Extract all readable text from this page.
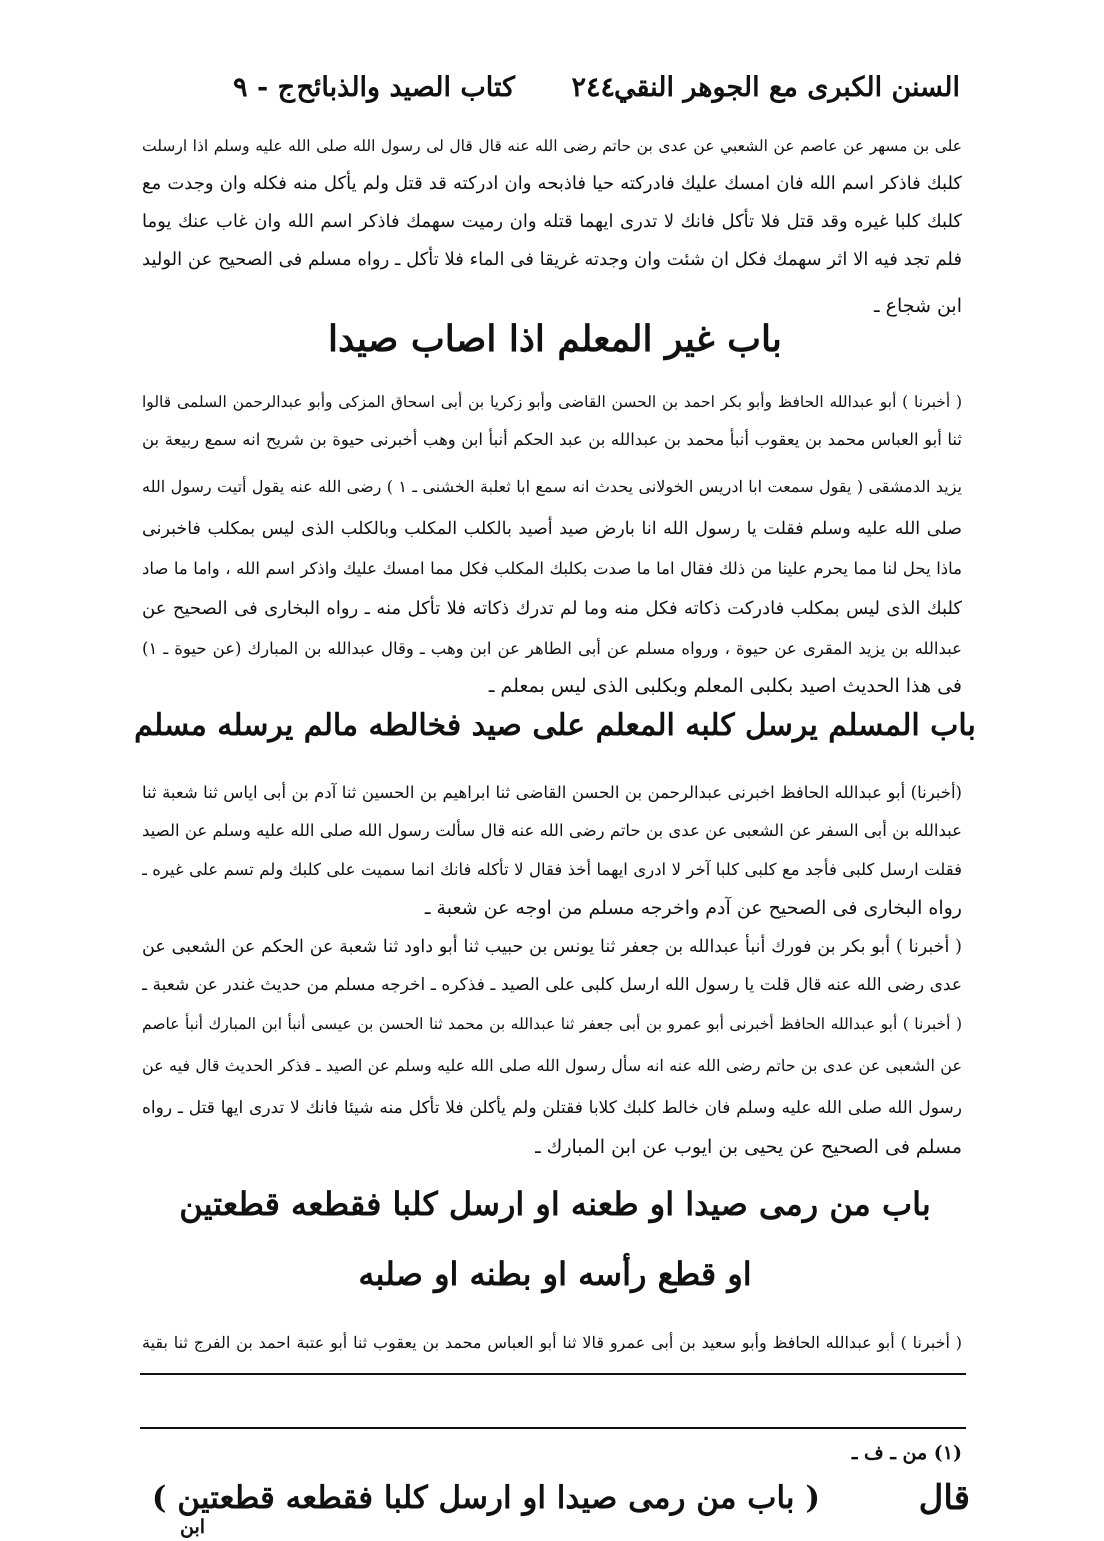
السنن الكبرى مع الجوهر النقي
٢٤٤
كتاب الصيد والذبائح
ج - ٩
على بن مسهر عن عاصم عن الشعبي عن عدى بن حاتم رضى الله عنه قال قال لى رسول الله صلى الله عليه وسلم اذا ارسلت
كلبك فاذكر اسم الله فان امسك عليك فادركته حيا فاذبحه وان ادركته قد قتل ولم يأكل منه فكله وان وجدت مع
كلبك كلبا غيره وقد قتل فلا تأكل فانك لا تدرى ايهما قتله وان رميت سهمك فاذكر اسم الله وان غاب عنك يوما
فلم تجد فيه الا اثر سهمك فكل ان شئت وان وجدته غريقا فى الماء فلا تأكل ـ رواه مسلم فى الصحيح عن الوليد
ابن شجاع ـ
باب غير المعلم اذا اصاب صيدا
( أخبرنا ) أبو عبدالله الحافظ وأبو بكر احمد بن الحسن القاضى وأبو زكريا بن أبى اسحاق المزكى وأبو عبدالرحمن السلمى قالوا
ثنا أبو العباس محمد بن يعقوب أنبأ محمد بن عبدالله بن عبد الحكم أنبأ ابن وهب أخبرنى حيوة بن شريح انه سمع ربيعة بن
يزيد الدمشقى ( يقول سمعت ابا ادريس الخولانى يحدث انه سمع ابا ثعلبة الخشنى ـ ١ ) رضى الله عنه يقول أتيت رسول الله
صلى الله عليه وسلم فقلت يا رسول الله انا بارض صيد أصيد بالكلب المكلب وبالكلب الذى ليس بمكلب فاخبرنى
ماذا يحل لنا مما يحرم علينا من ذلك فقال اما ما صدت بكلبك المكلب فكل مما امسك عليك واذكر اسم الله ، واما ما صاد
كلبك الذى ليس بمكلب فادركت ذكاته فكل منه وما لم تدرك ذكاته فلا تأكل منه ـ رواه البخارى فى الصحيح عن
عبدالله بن يزيد المقرى عن حيوة ، ورواه مسلم عن أبى الطاهر عن ابن وهب ـ وقال عبدالله بن المبارك (عن حيوة ـ ١)
فى هذا الحديث اصيد بكلبى المعلم وبكلبى الذى ليس بمعلم ـ
باب المسلم يرسل كلبه المعلم على صيد فخالطه مالم يرسله مسلم
(أخبرنا) أبو عبدالله الحافظ اخبرنى عبدالرحمن بن الحسن القاضى ثنا ابراهيم بن الحسين ثنا آدم بن أبى اياس ثنا شعبة ثنا
عبدالله بن أبى السفر عن الشعبى عن عدى بن حاتم رضى الله عنه قال سألت رسول الله صلى الله عليه وسلم عن الصيد
فقلت ارسل كلبى فأجد مع كلبى كلبا آخر لا ادرى ايهما أخذ فقال لا تأكله فانك انما سميت على كلبك ولم تسم على غيره ـ
رواه البخارى فى الصحيح عن آدم واخرجه مسلم من اوجه عن شعبة ـ
( أخبرنا ) أبو بكر بن فورك أنبأ عبدالله بن جعفر ثنا يونس بن حبيب ثنا أبو داود ثنا شعبة عن الحكم عن الشعبى عن
عدى رضى الله عنه قال قلت يا رسول الله ارسل كلبى على الصيد ـ فذكره ـ اخرجه مسلم من حديث غندر عن شعبة ـ
( أخبرنا ) أبو عبدالله الحافظ أخبرنى أبو عمرو بن أبى جعفر ثنا عبدالله بن محمد ثنا الحسن بن عيسى أنبأ ابن المبارك أنبأ عاصم
عن الشعبى عن عدى بن حاتم رضى الله عنه انه سأل رسول الله صلى الله عليه وسلم عن الصيد ـ فذكر الحديث قال فيه عن
رسول الله صلى الله عليه وسلم فان خالط كلبك كلابا فقتلن ولم يأكلن فلا تأكل منه شيئا فانك لا تدرى ايها قتل ـ رواه
مسلم فى الصحيح عن يحيى بن ايوب عن ابن المبارك ـ
باب من رمى صيدا او طعنه او ارسل كلبا فقطعه قطعتين
او قطع رأسه او بطنه او صلبه
( أخبرنا ) أبو عبدالله الحافظ وأبو سعيد بن أبى عمرو قالا ثنا أبو العباس محمد بن يعقوب ثنا أبو عتبة احمد بن الفرج ثنا بقية
(١) من ـ ف ـ
قال
( باب من رمى صيدا او ارسل كلبا فقطعه قطعتين )
ابن
